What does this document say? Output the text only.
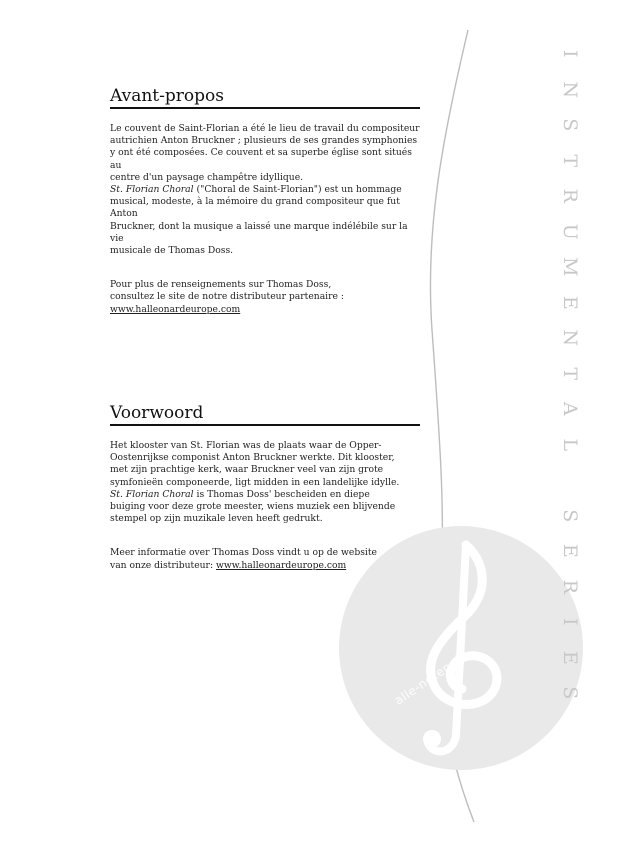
alle-noten.de
I
N
S
T
R
U
M
E
N
T
A
L
S
E
R
I
E
S
Avant-propos

Le couvent de Saint-Florian a été le lieu de travail du compositeur
autrichien Anton Bruckner ; plusieurs de ses grandes symphonies
y ont été composées. Ce couvent et sa superbe église sont situés au
centre d'un paysage champêtre idyllique.
St. Florian Choral ("Choral de Saint-Florian") est un hommage
musical, modeste, à la mémoire du grand compositeur que fut Anton
Bruckner, dont la musique a laissé une marque indélébile sur la vie
musicale de Thomas Doss.

Pour plus de renseignements sur Thomas Doss,
consultez le site de notre distributeur partenaire :
www.halleonardeurope.com

Voorwoord

Het klooster van St. Florian was de plaats waar de Opper-
Oostenrijkse componist Anton Bruckner werkte. Dit klooster,
met zijn prachtige kerk, waar Bruckner veel van zijn grote
symfonieën componeerde, ligt midden in een landelijke idylle.
St. Florian Choral is Thomas Doss' bescheiden en diepe
buiging voor deze grote meester, wiens muziek een blijvende
stempel op zijn muzikale leven heeft gedrukt.

Meer informatie over Thomas Doss vindt u op de website
van onze distributeur: www.halleonardeurope.com
